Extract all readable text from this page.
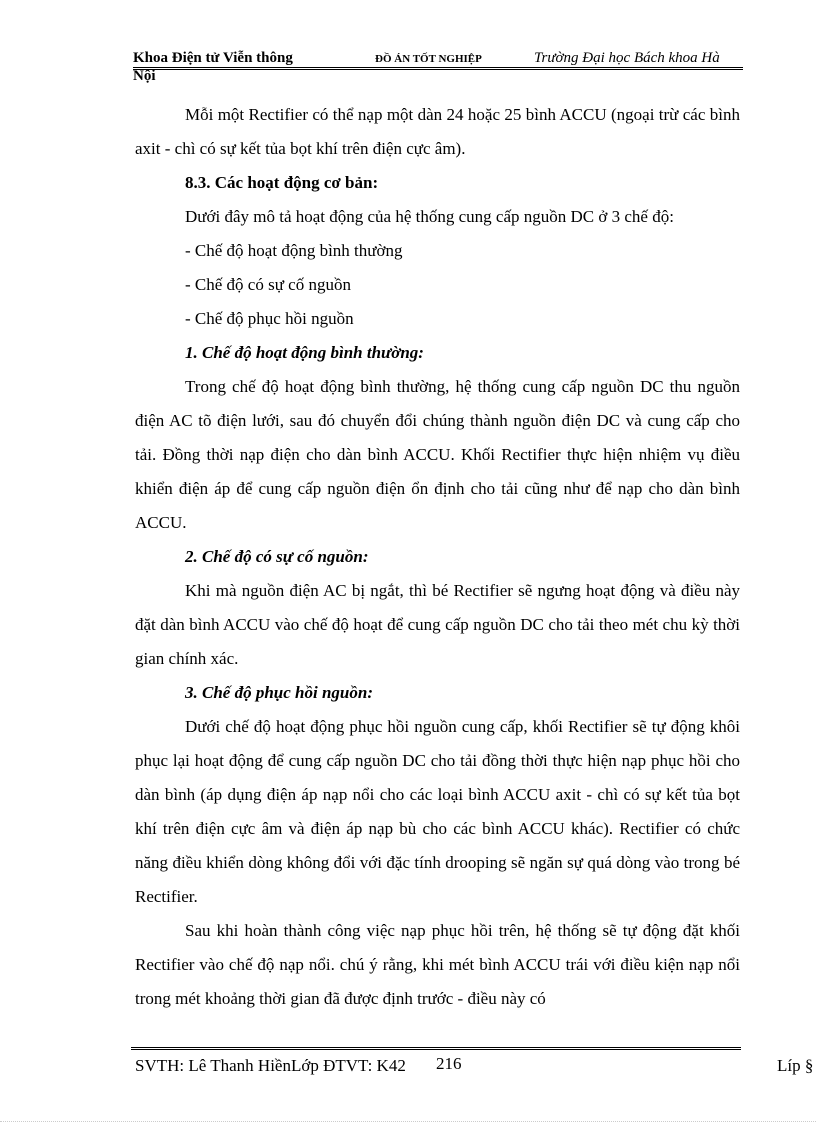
Khoa Điện tử Viễn thông	ĐỒ ÁN TỐT NGHIỆP	Trường Đại học Bách khoa Hà
Nội

Mỗi một Rectifier có thể nạp một dàn 24 hoặc 25 bình ACCU (ngoại trừ các bình axit - chì có sự kết tủa bọt khí trên điện cực âm).

8.3. Các hoạt động cơ bản:

Dưới đây mô tả hoạt động của hệ thống cung cấp nguồn DC ở 3 chế độ:

- Chế độ hoạt động bình thường

- Chế độ có sự cố nguồn

- Chế độ phục hồi nguồn

1. Chế độ hoạt động bình thường:

Trong chế độ hoạt động bình thường, hệ thống cung cấp nguồn DC thu nguồn điện AC tõ điện lưới, sau đó chuyển đổi chúng thành nguồn điện DC và cung cấp cho tải. Đồng thời nạp điện cho dàn bình ACCU. Khối Rectifier thực hiện nhiệm vụ điều khiển điện áp để cung cấp nguồn điện ổn định cho tải cũng như để nạp cho dàn bình ACCU.

2. Chế độ có sự cố nguồn:

Khi mà nguồn điện AC bị ngắt, thì bé Rectifier sẽ ngưng hoạt động và điều này đặt dàn bình ACCU vào chế độ hoạt để cung cấp nguồn DC cho tải theo mét chu kỳ thời gian chính xác.

3. Chế độ phục hồi nguồn:

Dưới chế độ hoạt động phục hồi nguồn cung cấp, khối Rectifier sẽ tự động khôi phục lại hoạt động để cung cấp nguồn DC cho tải đồng thời thực hiện nạp phục hồi cho dàn bình (áp dụng điện áp nạp nổi cho các loại bình ACCU axit - chì có sự kết tủa bọt khí trên điện cực âm và điện áp nạp bù cho các bình ACCU khác). Rectifier có chức năng điều khiển dòng không đổi với đặc tính drooping sẽ ngăn sự quá dòng vào trong bé Rectifier.

Sau khi hoàn thành công việc nạp phục hồi trên, hệ thống sẽ tự động đặt khối Rectifier vào chế độ nạp nổi. chú ý rằng, khi mét bình ACCU trái với điều kiện nạp nổi trong mét khoảng thời gian đã được định trước - điều này có

SVTH: Lê Thanh HiềnLớp ĐTVT: K42 216	Líp §
